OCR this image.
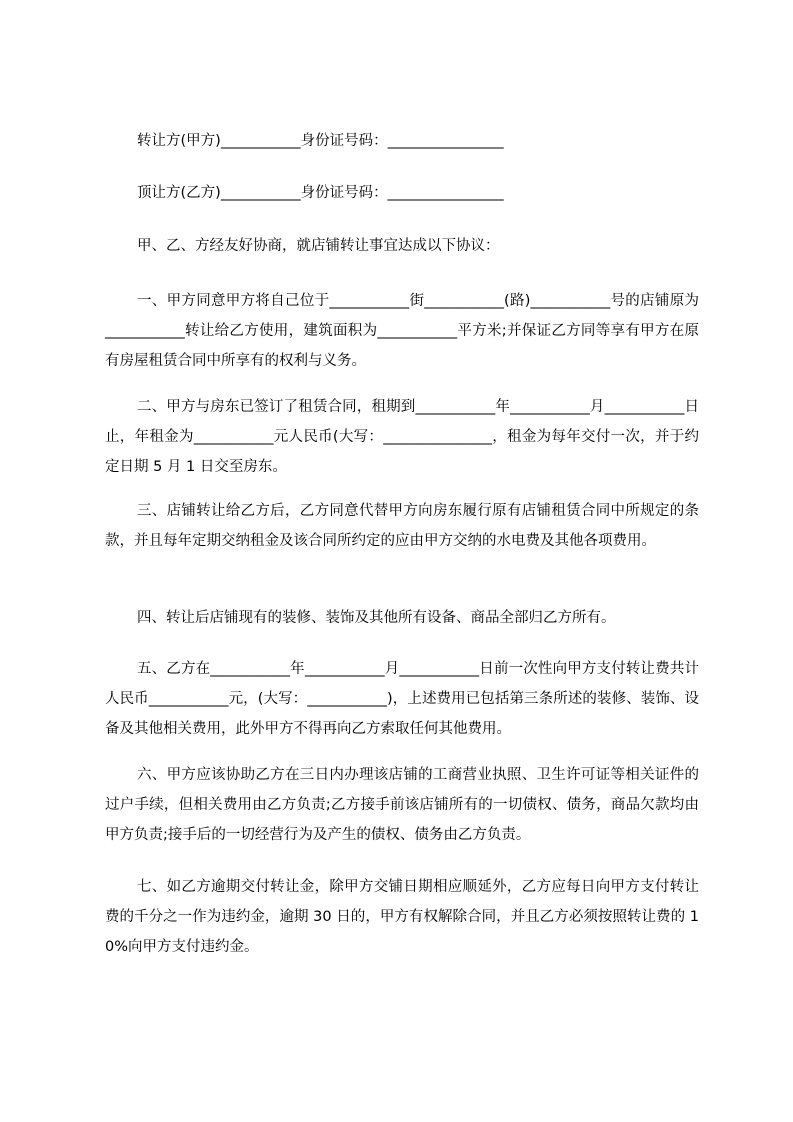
转让方(甲方)___________身份证号码：________________
顶让方(乙方)___________身份证号码：________________
甲、乙、方经友好协商，就店铺转让事宜达成以下协议：
一、甲方同意甲方将自己位于___________街___________(路)___________号的店铺原为___________转让给乙方使用，建筑面积为___________平方米;并保证乙方同等享有甲方在原有房屋租赁合同中所享有的权利与义务。
二、甲方与房东已签订了租赁合同，租期到___________年___________月___________日止，年租金为___________元人民币(大写：_______________，租金为每年交付一次，并于约定日期 5 月 1 日交至房东。
三、店铺转让给乙方后，乙方同意代替甲方向房东履行原有店铺租赁合同中所规定的条款，并且每年定期交纳租金及该合同所约定的应由甲方交纳的水电费及其他各项费用。
四、转让后店铺现有的装修、装饰及其他所有设备、商品全部归乙方所有。
五、乙方在___________年___________月___________日前一次性向甲方支付转让费共计人民币___________元，(大写：___________)，上述费用已包括第三条所述的装修、装饰、设备及其他相关费用，此外甲方不得再向乙方索取任何其他费用。
六、甲方应该协助乙方在三日内办理该店铺的工商营业执照、卫生许可证等相关证件的过户手续，但相关费用由乙方负责;乙方接手前该店铺所有的一切债权、债务，商品欠款均由甲方负责;接手后的一切经营行为及产生的债权、债务由乙方负责。
七、如乙方逾期交付转让金，除甲方交铺日期相应顺延外，乙方应每日向甲方支付转让费的千分之一作为违约金，逾期 30 日的，甲方有权解除合同，并且乙方必须按照转让费的 10%向甲方支付违约金。
